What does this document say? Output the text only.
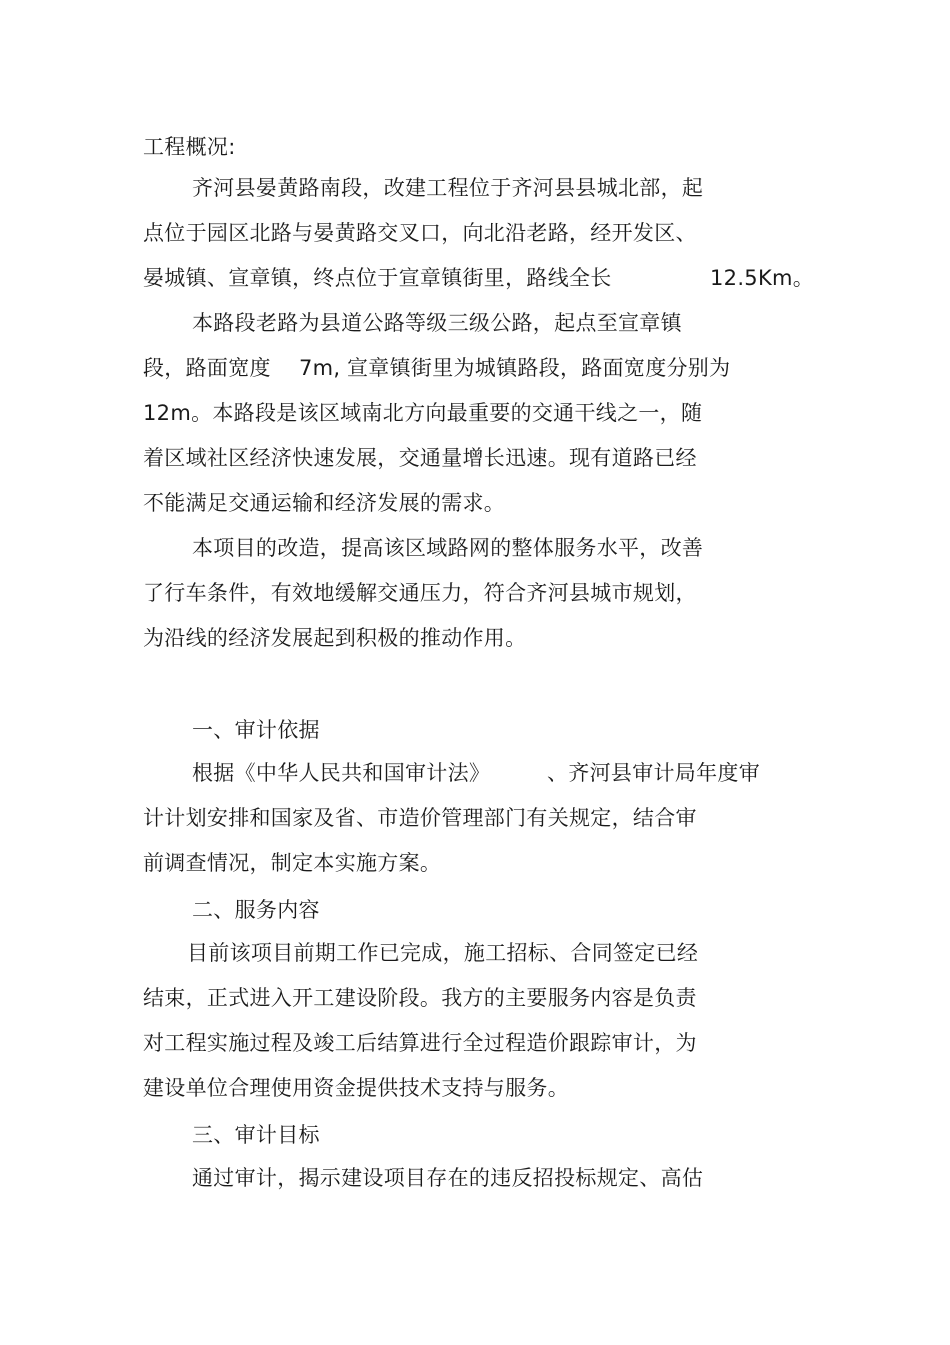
工程概况:
齐河县晏黄路南段，改建工程位于齐河县县城北部，起
点位于园区北路与晏黄路交叉口，向北沿老路，经开发区、
晏城镇、宣章镇，终点位于宣章镇街里，路线全长	12.5Km。
本路段老路为县道公路等级三级公路，起点至宣章镇
段，路面宽度 7m, 宣章镇街里为城镇路段，路面宽度分别为
12m。本路段是该区域南北方向最重要的交通干线之一，随
着区域社区经济快速发展，交通量增长迅速。现有道路已经
不能满足交通运输和经济发展的需求。
本项目的改造，提高该区域路网的整体服务水平，改善
了行车条件，有效地缓解交通压力，符合齐河县城市规划，
为沿线的经济发展起到积极的推动作用。
一、审计依据
根据《中华人民共和国审计法》	、齐河县审计局年度审
计计划安排和国家及省、市造价管理部门有关规定，结合审
前调查情况，制定本实施方案。
二、服务内容
目前该项目前期工作已完成，施工招标、合同签定已经
结束，正式进入开工建设阶段。我方的主要服务内容是负责
对工程实施过程及竣工后结算进行全过程造价跟踪审计，为
建设单位合理使用资金提供技术支持与服务。
三、审计目标
通过审计，揭示建设项目存在的违反招投标规定、高估
